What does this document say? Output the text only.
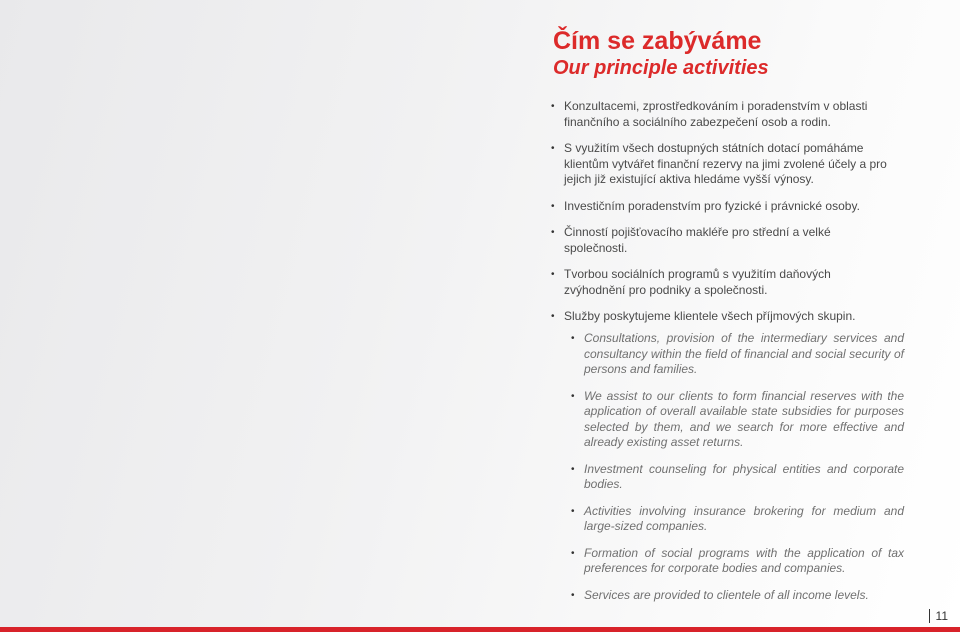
Čím se zabýváme
Our principle activities
• Konzultacemi, zprostředkováním i poradenstvím v oblasti finančního a sociálního zabezpečení osob a rodin.
• S využitím všech dostupných státních dotací pomáháme klientům vytvářet finanční rezervy na jimi zvolené účely a pro jejich již existující aktiva hledáme vyšší výnosy.
• Investičním poradenstvím pro fyzické i právnické osoby.
• Činností pojišťovacího makléře pro střední a velké společnosti.
• Tvorbou sociálních programů s využitím daňových zvýhodnění pro podniky a společnosti.
• Služby poskytujeme klientele všech příjmových skupin.
• Consultations, provision of the intermediary services and consultancy within the field of financial and social security of persons and families.
• We assist to our clients to form financial reserves with the application of overall available state subsidies for purposes selected by them, and we search for more effective and already existing asset returns.
• Investment counseling for physical entities and corporate bodies.
• Activities involving insurance brokering for medium and large-sized companies.
• Formation of social programs with the application of tax preferences for corporate bodies and companies.
• Services are provided to clientele of all income levels.
11
